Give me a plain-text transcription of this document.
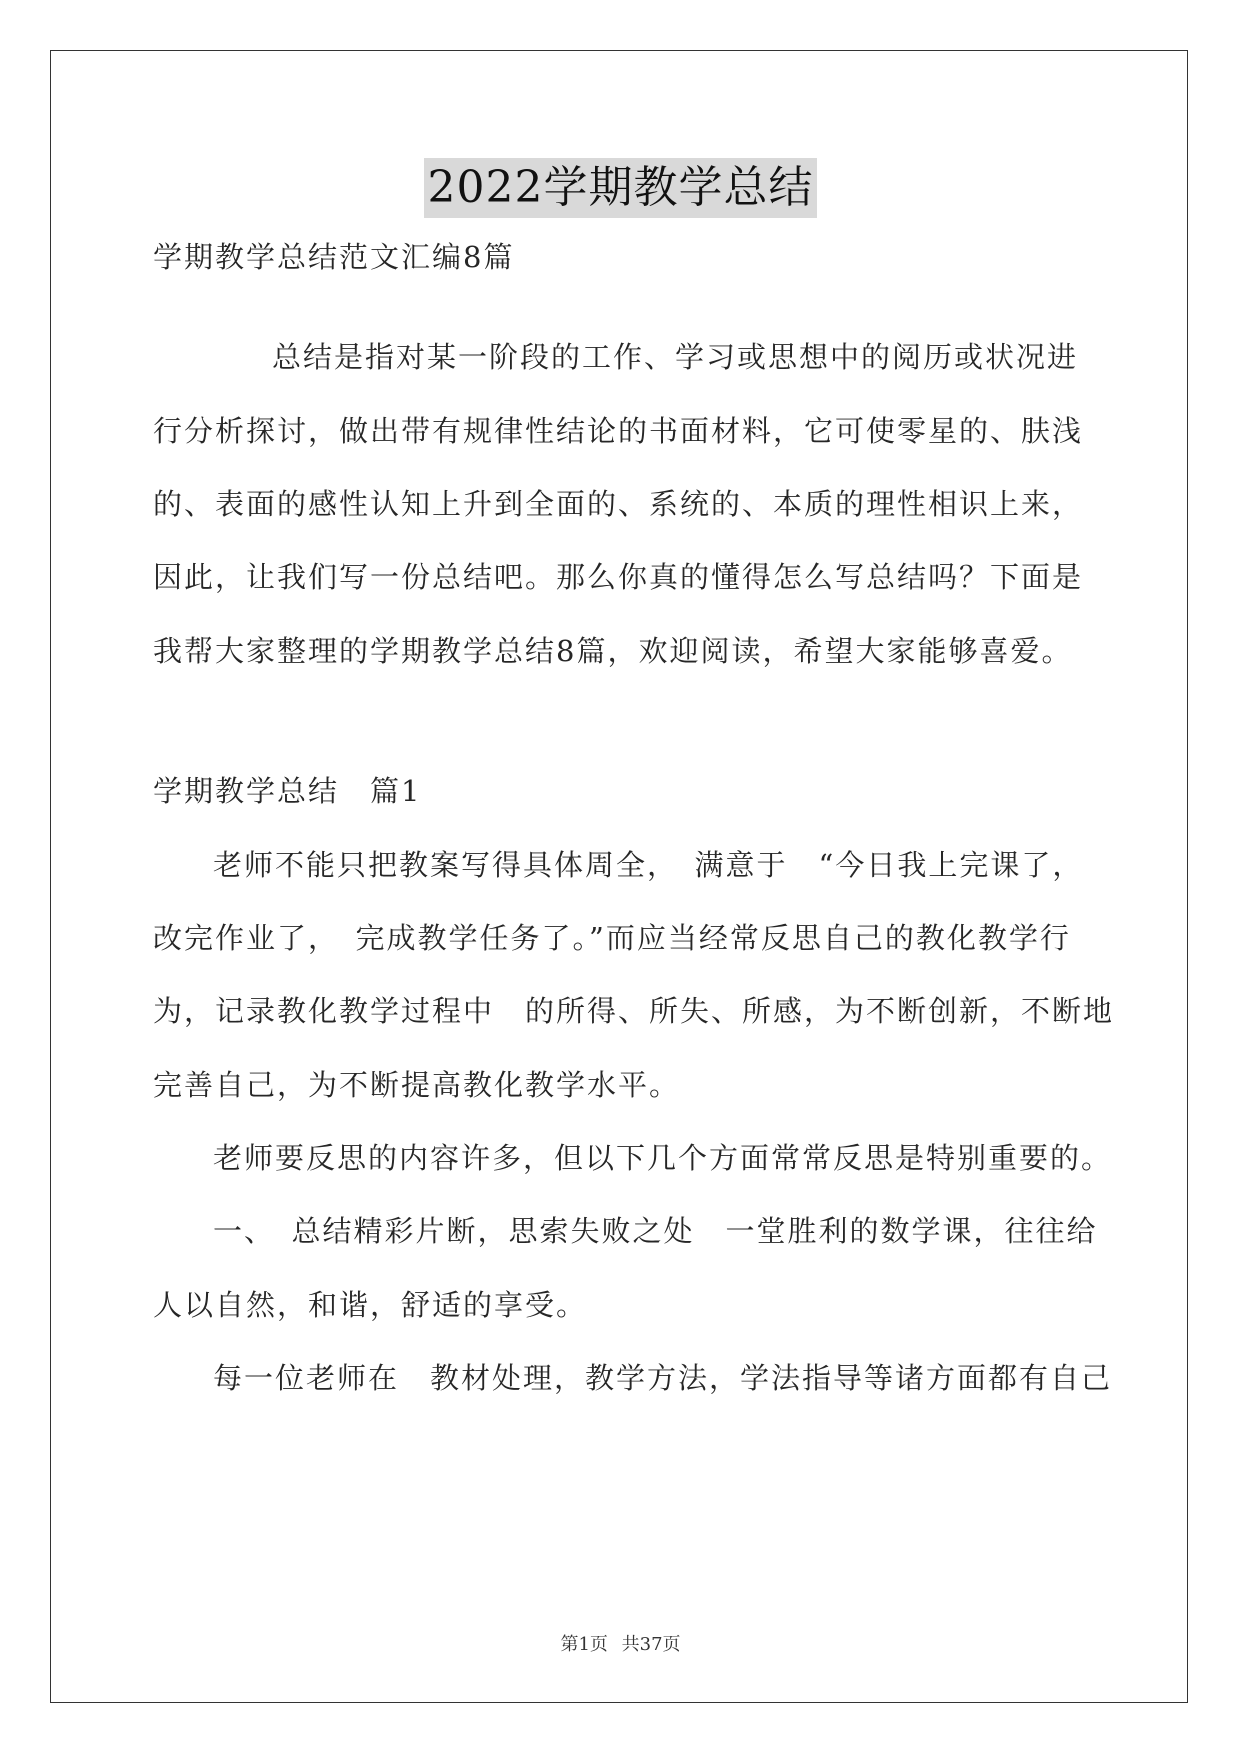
2022学期教学总结
学期教学总结范文汇编8篇
总结是指对某一阶段的工作、学习或思想中的阅历或状况进
行分析探讨，做出带有规律性结论的书面材料，它可使零星的、肤浅
的、表面的感性认知上升到全面的、系统的、本质的理性相识上来，
因此，让我们写一份总结吧。那么你真的懂得怎么写总结吗？下面是
我帮大家整理的学期教学总结8篇，欢迎阅读，希望大家能够喜爱。
学期教学总结　篇1
老师不能只把教案写得具体周全，　满意于　“今日我上完课了，
改完作业了，　完成教学任务了。”而应当经常反思自己的教化教学行
为，记录教化教学过程中　的所得、所失、所感，为不断创新，不断地
完善自己，为不断提高教化教学水平。
老师要反思的内容许多，但以下几个方面常常反思是特别重要的。
一、　总结精彩片断，思索失败之处　一堂胜利的数学课，往往给
人以自然，和谐，舒适的享受。
每一位老师在　教材处理，教学方法，学法指导等诸方面都有自己
第1页 共37页
